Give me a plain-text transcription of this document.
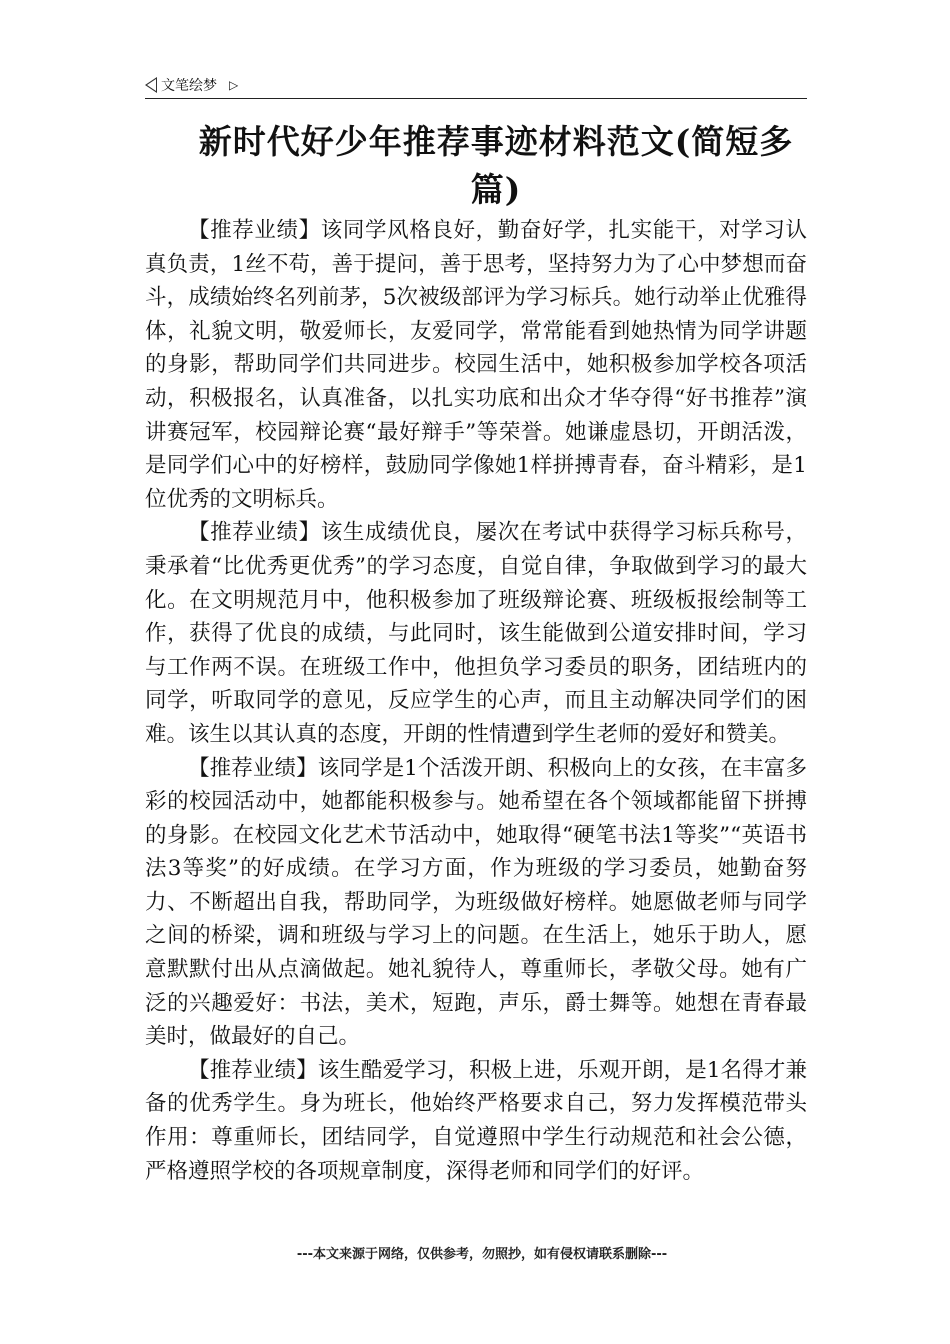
文笔绘梦 ▷
新时代好少年推荐事迹材料范文(简短多篇)

【推荐业绩】该同学风格良好，勤奋好学，扎实能干，对学习认真负责，1丝不苟，善于提问，善于思考，坚持努力为了心中梦想而奋斗，成绩始终名列前茅，5次被级部评为学习标兵。她行动举止优雅得体，礼貌文明，敬爱师长，友爱同学，常常能看到她热情为同学讲题的身影，帮助同学们共同进步。校园生活中，她积极参加学校各项活动，积极报名，认真准备，以扎实功底和出众才华夺得“好书推荐”演讲赛冠军，校园辩论赛“最好辩手”等荣誉。她谦虚恳切，开朗活泼，是同学们心中的好榜样，鼓励同学像她1样拼搏青春，奋斗精彩，是1位优秀的文明标兵。

【推荐业绩】该生成绩优良，屡次在考试中获得学习标兵称号，秉承着“比优秀更优秀”的学习态度，自觉自律，争取做到学习的最大化。在文明规范月中，他积极参加了班级辩论赛、班级板报绘制等工作，获得了优良的成绩，与此同时，该生能做到公道安排时间，学习与工作两不误。在班级工作中，他担负学习委员的职务，团结班内的同学，听取同学的意见，反应学生的心声，而且主动解决同学们的困难。该生以其认真的态度，开朗的性情遭到学生老师的爱好和赞美。

【推荐业绩】该同学是1个活泼开朗、积极向上的女孩，在丰富多彩的校园活动中，她都能积极参与。她希望在各个领域都能留下拼搏的身影。在校园文化艺术节活动中，她取得“硬笔书法1等奖”“英语书法3等奖”的好成绩。在学习方面，作为班级的学习委员，她勤奋努力、不断超出自我，帮助同学，为班级做好榜样。她愿做老师与同学之间的桥梁，调和班级与学习上的问题。在生活上，她乐于助人，愿意默默付出从点滴做起。她礼貌待人，尊重师长，孝敬父母。她有广泛的兴趣爱好：书法，美术，短跑，声乐，爵士舞等。她想在青春最美时，做最好的自己。

【推荐业绩】该生酷爱学习，积极上进，乐观开朗，是1名得才兼备的优秀学生。身为班长，他始终严格要求自己，努力发挥模范带头作用：尊重师长，团结同学，自觉遵照中学生行动规范和社会公德，严格遵照学校的各项规章制度，深得老师和同学们的好评。

---本文来源于网络，仅供参考，勿照抄，如有侵权请联系删除---
